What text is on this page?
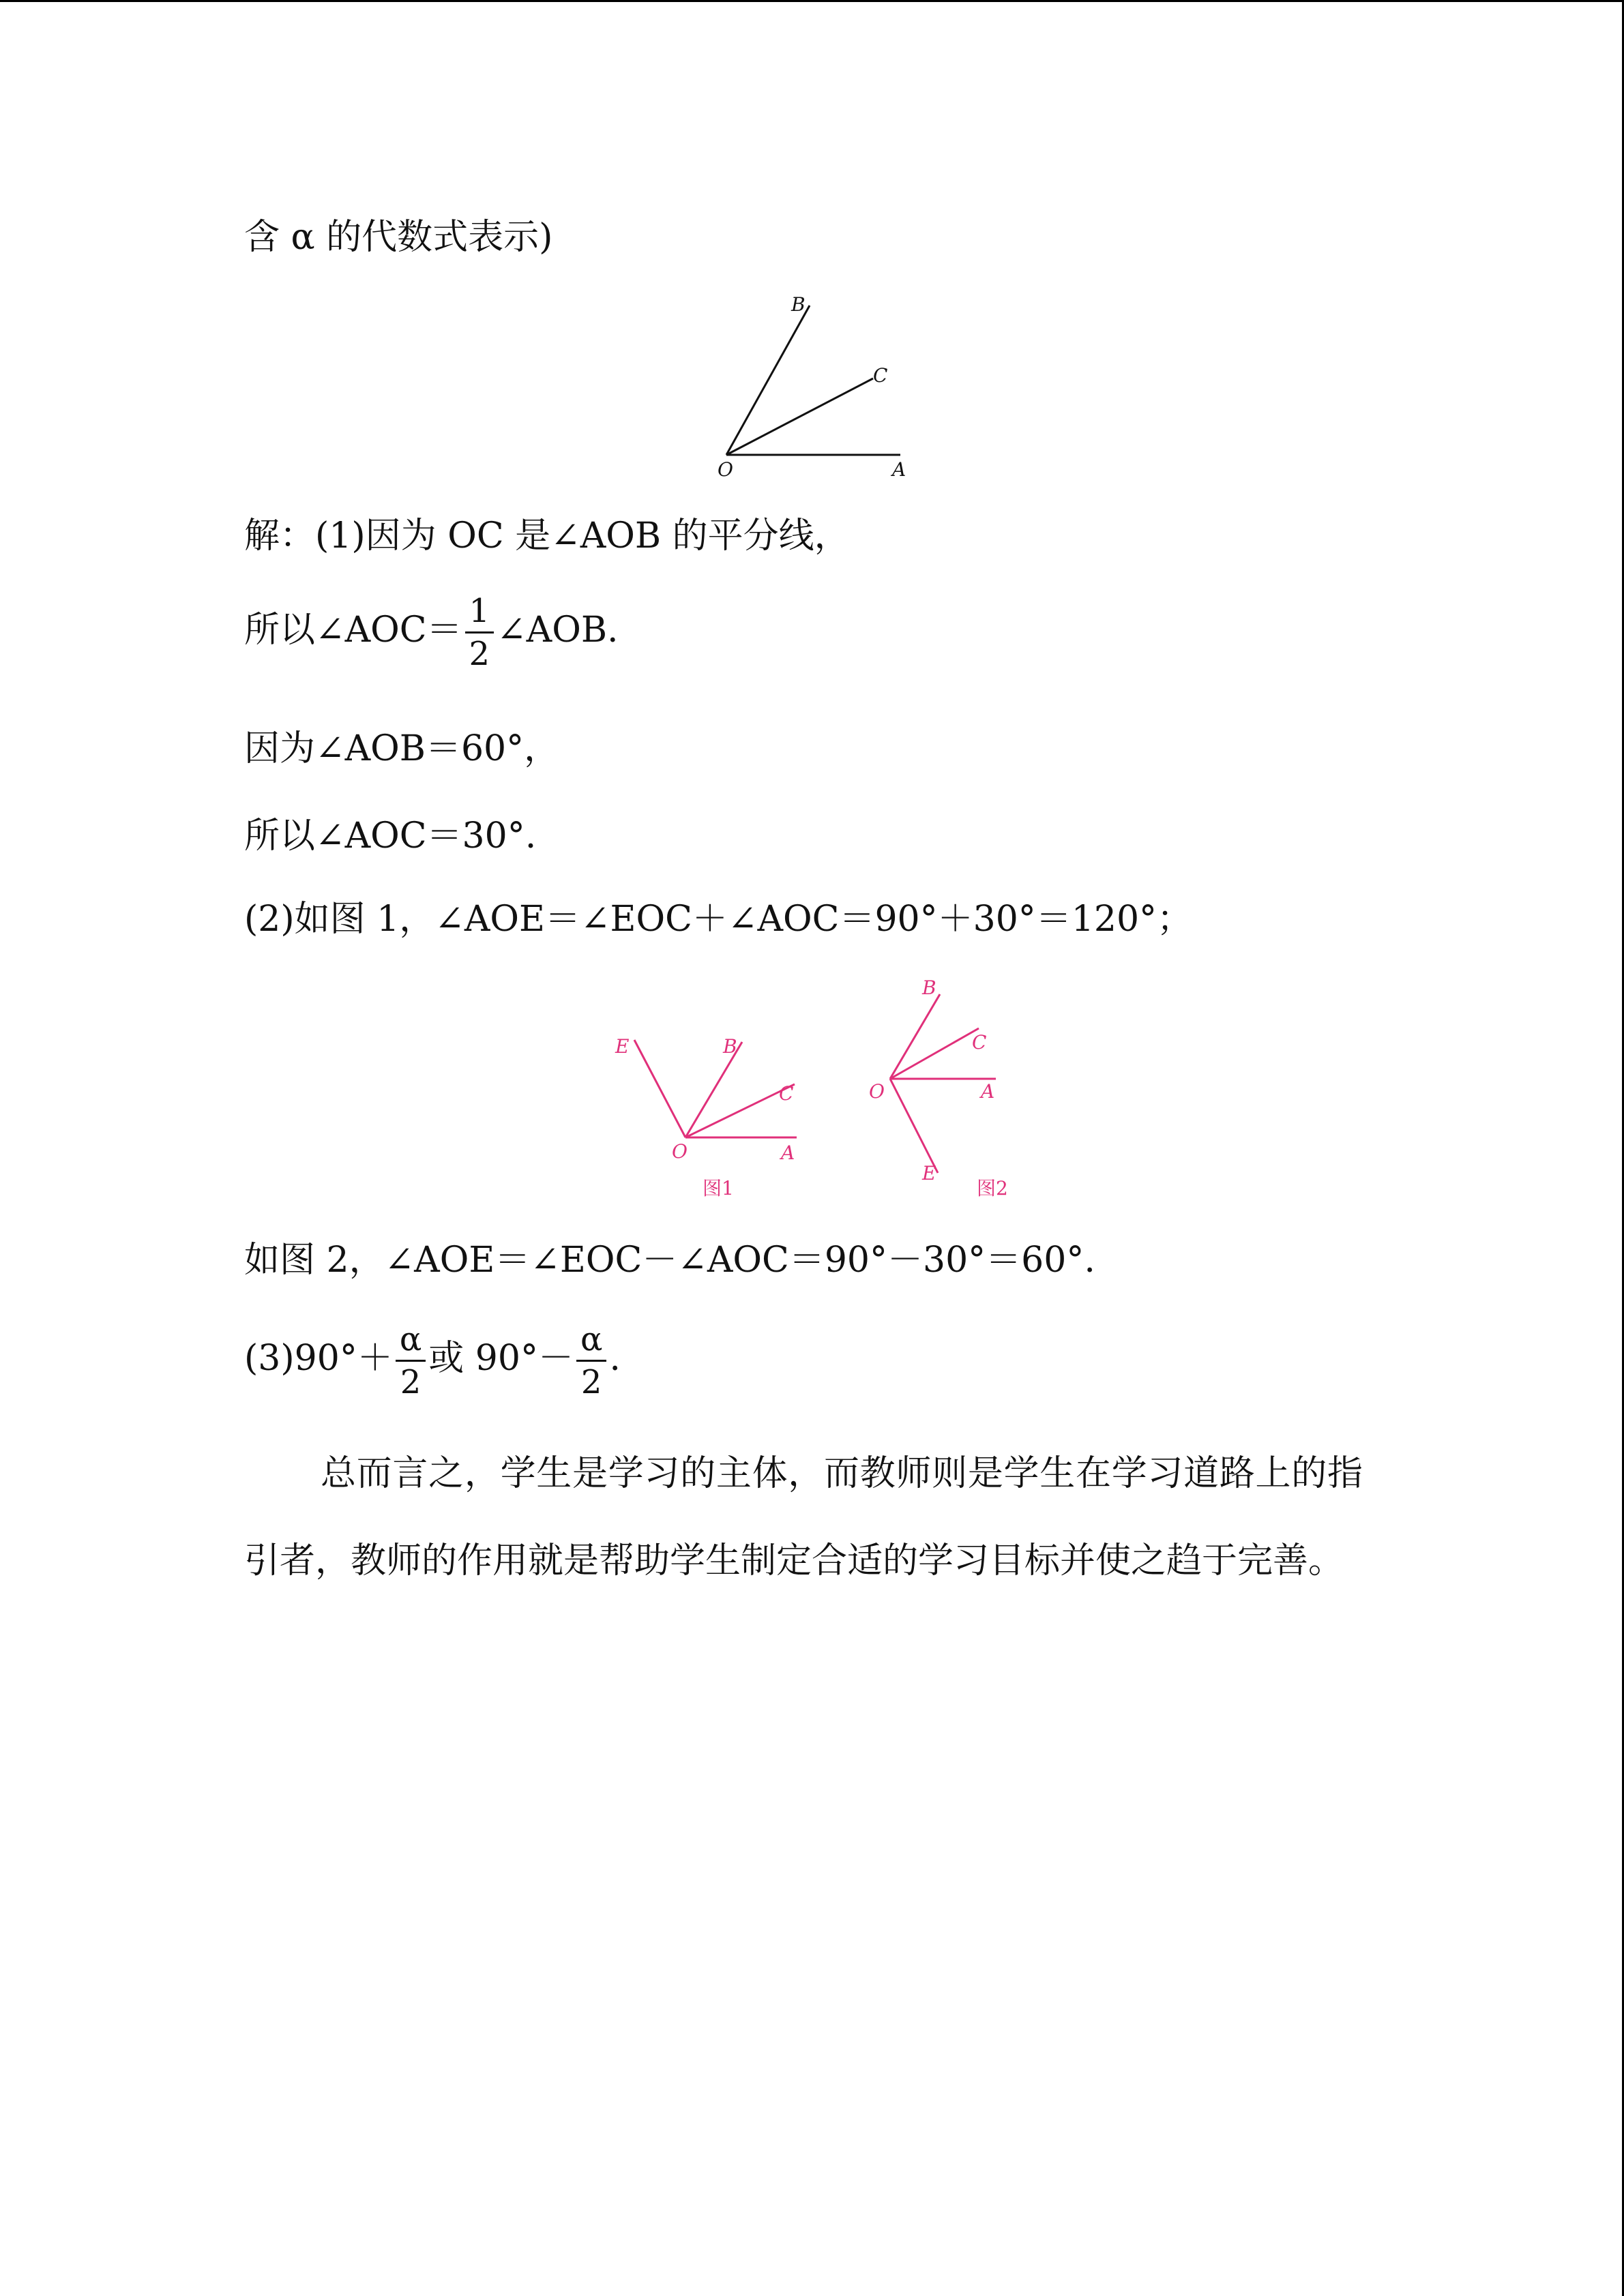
含 α 的代数式表示)
B
C
O	A
解：(1)因为 OC 是∠AOB 的平分线，
所以∠AOC＝ $\frac{1}{2}$ ∠AOB.
因为∠AOB＝60°，
所以∠AOC＝30°.
(2)如图 1，∠AOE＝∠EOC＋∠AOC＝90°＋30°＝120°；
E	B
C
O	A
图1
B
C
O	A
E
图2
如图 2，∠AOE＝∠EOC－∠AOC＝90°－30°＝60°.
$(3)90^\circ+ \frac{\alpha}{2}$ 或 $90^\circ- \frac{\alpha}{2}$ .
总而言之，学生是学习的主体，而教师则是学生在学习道路上的指引者，教师的作用就是帮助学生制定合适的学习目标并使之趋于完善。
